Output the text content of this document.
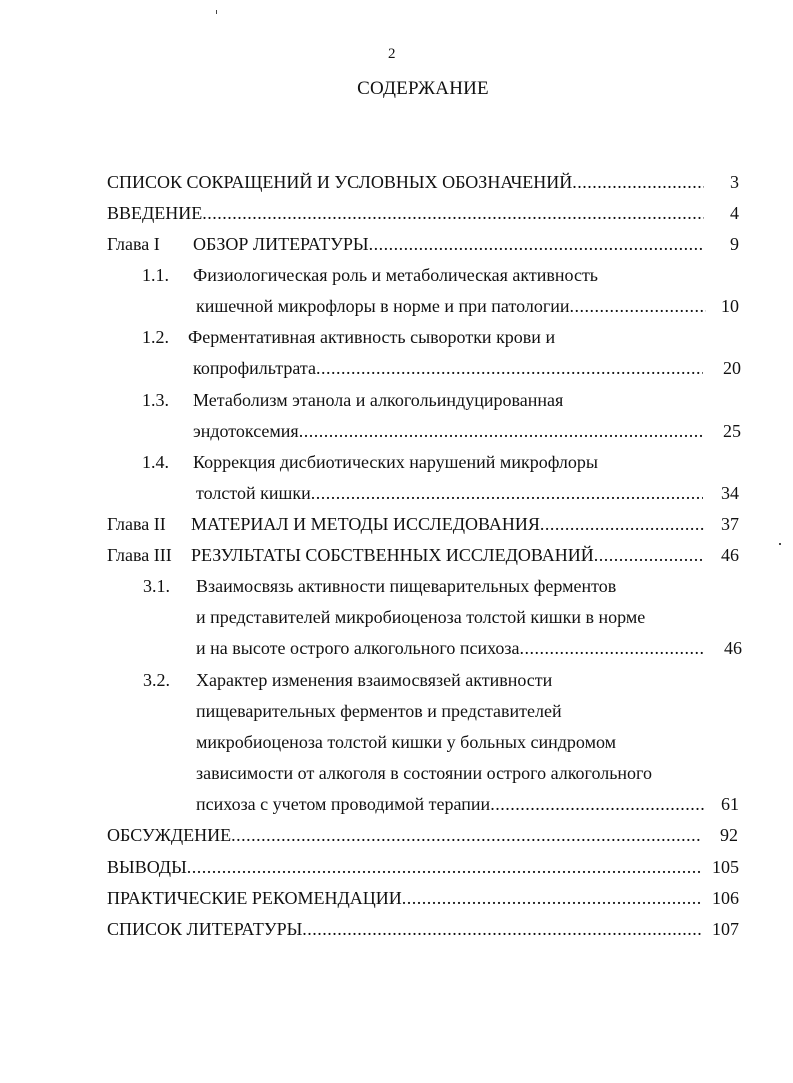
2
СОДЕРЖАНИЕ
СПИСОК СОКРАЩЕНИЙ И УСЛОВНЫХ ОБОЗНАЧЕНИЙ .....	3
ВВЕДЕНИЕ .....	4
Глава I ОБЗОР ЛИТЕРАТУРЫ .....	9
1.1. Физиологическая роль и метаболическая активность
кишечной микрофлоры в норме и при патологии .....	10
1.2. Ферментативная активность сыворотки крови и
копрофильтрата .....	20
1.3. Метаболизм этанола и алкогольиндуцированная
эндотоксемия .....	25
1.4. Коррекция дисбиотических нарушений микрофлоры
толстой кишки .....	34
Глава II МАТЕРИАЛ И МЕТОДЫ ИССЛЕДОВАНИЯ .....	37
Глава III РЕЗУЛЬТАТЫ СОБСТВЕННЫХ ИССЛЕДОВАНИЙ .....	46
3.1. Взаимосвязь активности пищеварительных ферментов
и представителей микробиоценоза толстой кишки в норме
и на высоте острого алкогольного психоза .....	46
3.2. Характер изменения взаимосвязей активности
пищеварительных ферментов и представителей
микробиоценоза толстой кишки у больных синдромом
зависимости от алкоголя в состоянии острого алкогольного
психоза с учетом проводимой терапии .....	61
ОБСУЖДЕНИЕ .....	92
ВЫВОДЫ .....	105
ПРАКТИЧЕСКИЕ РЕКОМЕНДАЦИИ .....	106
СПИСОК ЛИТЕРАТУРЫ .....	107
